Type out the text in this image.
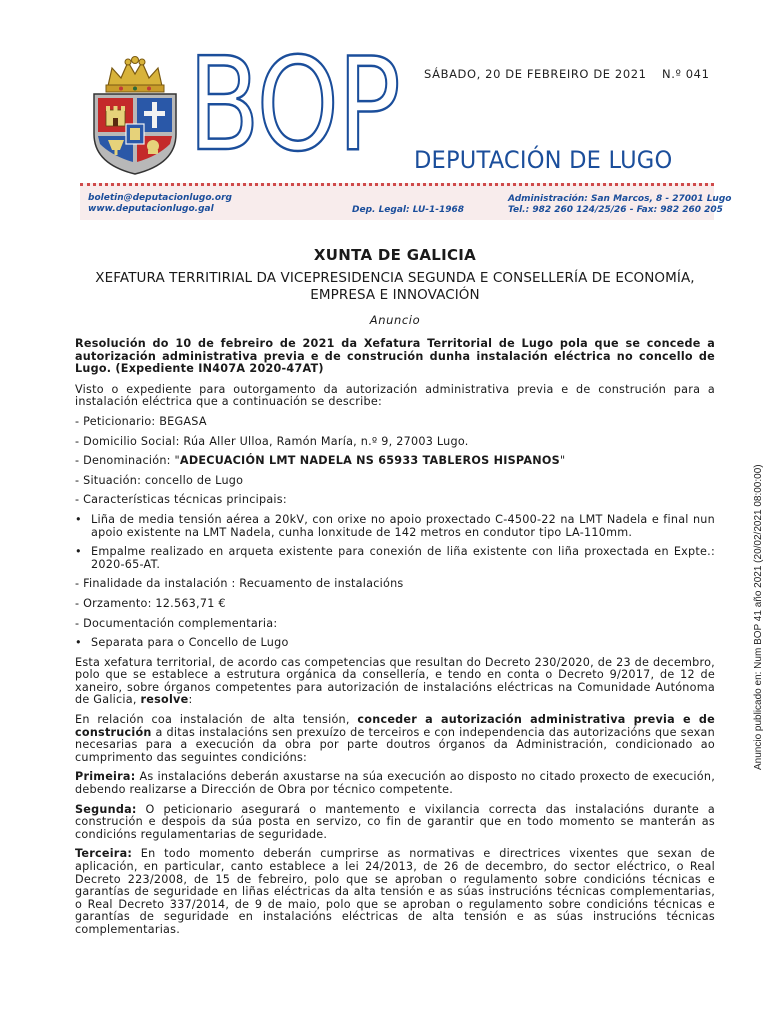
BOP SÁBADO, 20 DE FEBREIRO DE 2021 N.º 041
DEPUTACIÓN DE LUGO
boletin@deputacionlugo.org
www.deputacionlugo.gal	Dep. Legal: LU-1-1968
Administración: San Marcos, 8 - 27001 Lugo
Tel.: 982 260 124/25/26 - Fax: 982 260 205
Anuncio publicado en: Num BOP 41 año 2021 (20/02/2021 08:00:00)
XUNTA DE GALICIA
XEFATURA TERRITIRIAL DA VICEPRESIDENCIA SEGUNDA E CONSELLERÍA DE ECONOMÍA, EMPRESA E INNOVACIÓN
Anuncio

Resolución do 10 de febreiro de 2021 da Xefatura Territorial de Lugo pola que se concede a autorización administrativa previa e de construción dunha instalación eléctrica no concello de Lugo. (Expediente IN407A 2020-47AT)

Visto o expediente para outorgamento da autorización administrativa previa e de construción para a instalación eléctrica que a continuación se describe:

- Peticionario: BEGASA

- Domicilio Social: Rúa Aller Ulloa, Ramón María, n.º 9, 27003 Lugo.

- Denominación: "ADECUACIÓN LMT NADELA NS 65933 TABLEROS HISPANOS"

- Situación: concello de Lugo

- Características técnicas principais:

• Liña de media tensión aérea a 20kV, con orixe no apoio proxectado C-4500-22 na LMT Nadela e final nun apoio existente na LMT Nadela, cunha lonxitude de 142 metros en condutor tipo LA-110mm.
• Empalme realizado en arqueta existente para conexión de liña existente con liña proxectada en Expte.: 2020-65-AT.

- Finalidade da instalación : Recuamento de instalacións

- Orzamento: 12.563,71 €

- Documentación complementaria:

• Separata para o Concello de Lugo

Esta xefatura territorial, de acordo cas competencias que resultan do Decreto 230/2020, de 23 de decembro, polo que se establece a estrutura orgánica da consellería, e tendo en conta o Decreto 9/2017, de 12 de xaneiro, sobre órganos competentes para autorización de instalacións eléctricas na Comunidade Autónoma de Galicia, resolve:

En relación coa instalación de alta tensión, conceder a autorización administrativa previa e de construción a ditas instalacións sen prexuízo de terceiros e con independencia das autorizacións que sexan necesarias para a execución da obra por parte doutros órganos da Administración, condicionado ao cumprimento das seguintes condicións:

Primeira: As instalacións deberán axustarse na súa execución ao disposto no citado proxecto de execución, debendo realizarse a Dirección de Obra por técnico competente.

Segunda: O peticionario asegurará o mantemento e vixilancia correcta das instalacións durante a construción e despois da súa posta en servizo, co fin de garantir que en todo momento se manterán as condicións regulamentarias de seguridade.

Terceira: En todo momento deberán cumprirse as normativas e directrices vixentes que sexan de aplicación, en particular, canto establece a lei 24/2013, de 26 de decembro, do sector eléctrico, o Real Decreto 223/2008, de 15 de febreiro, polo que se aproban o regulamento sobre condicións técnicas e garantías de seguridade en liñas eléctricas da alta tensión e as súas instrucións técnicas complementarias, o Real Decreto 337/2014, de 9 de maio, polo que se aproban o regulamento sobre condicións técnicas e garantías de seguridade en instalacións eléctricas de alta tensión e as súas instrucións técnicas complementarias.
